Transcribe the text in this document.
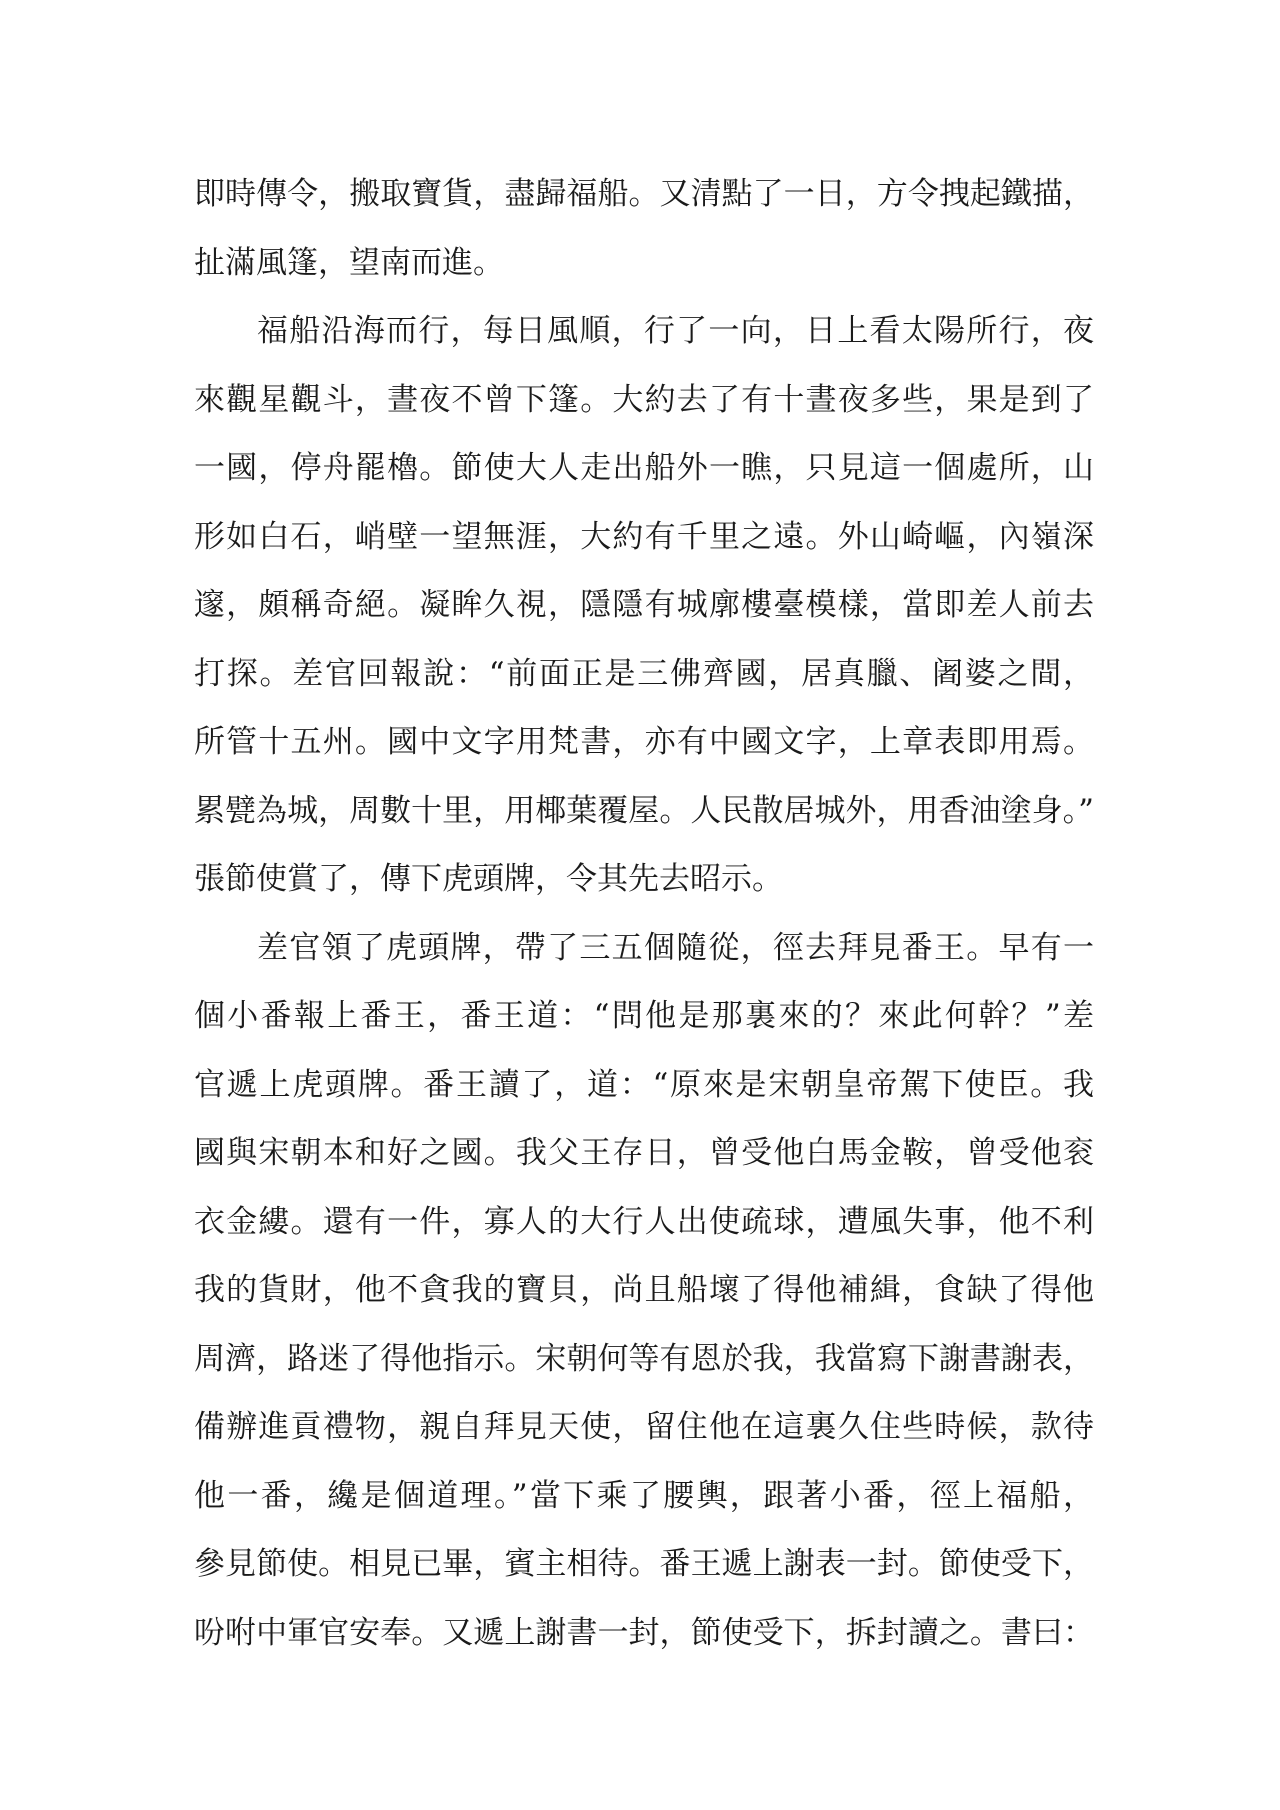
即時傳令，搬取寶貨，盡歸福船。又清點了一日，方令拽起鐵描，
扯滿風篷，望南而進。
福船沿海而行，每日風順，行了一向，日上看太陽所行，夜
來觀星觀斗，晝夜不曾下篷。大約去了有十晝夜多些，果是到了
一國，停舟罷櫓。節使大人走出船外一瞧，只見這一個處所，山
形如白石，峭壁一望無涯，大約有千里之遠。外山崎嶇，內嶺深
邃，頗稱奇絕。凝眸久視，隱隱有城廓樓臺模樣，當即差人前去
打探。差官回報說：“前面正是三佛齊國，居真臘、阇婆之間，
所管十五州。國中文字用梵書，亦有中國文字，上章表即用焉。
累甓為城，周數十里，用椰葉覆屋。人民散居城外，用香油塗身。”
張節使賞了，傳下虎頭牌，令其先去昭示。
差官領了虎頭牌，帶了三五個隨從，徑去拜見番王。早有一
個小番報上番王，番王道：“問他是那裏來的？來此何幹？”差
官遞上虎頭牌。番王讀了，道：“原來是宋朝皇帝駕下使臣。我
國與宋朝本和好之國。我父王存日，曾受他白馬金鞍，曾受他衮
衣金縷。還有一件，寡人的大行人出使疏球，遭風失事，他不利
我的貨財，他不貪我的寶貝，尚且船壞了得他補緝，食缺了得他
周濟，路迷了得他指示。宋朝何等有恩於我，我當寫下謝書謝表，
備辦進貢禮物，親自拜見天使，留住他在這裏久住些時候，款待
他一番，纔是個道理。”當下乘了腰輿，跟著小番，徑上福船，
參見節使。相見已畢，賓主相待。番王遞上謝表一封。節使受下，
吩咐中軍官安奉。又遞上謝書一封，節使受下，拆封讀之。書曰：
